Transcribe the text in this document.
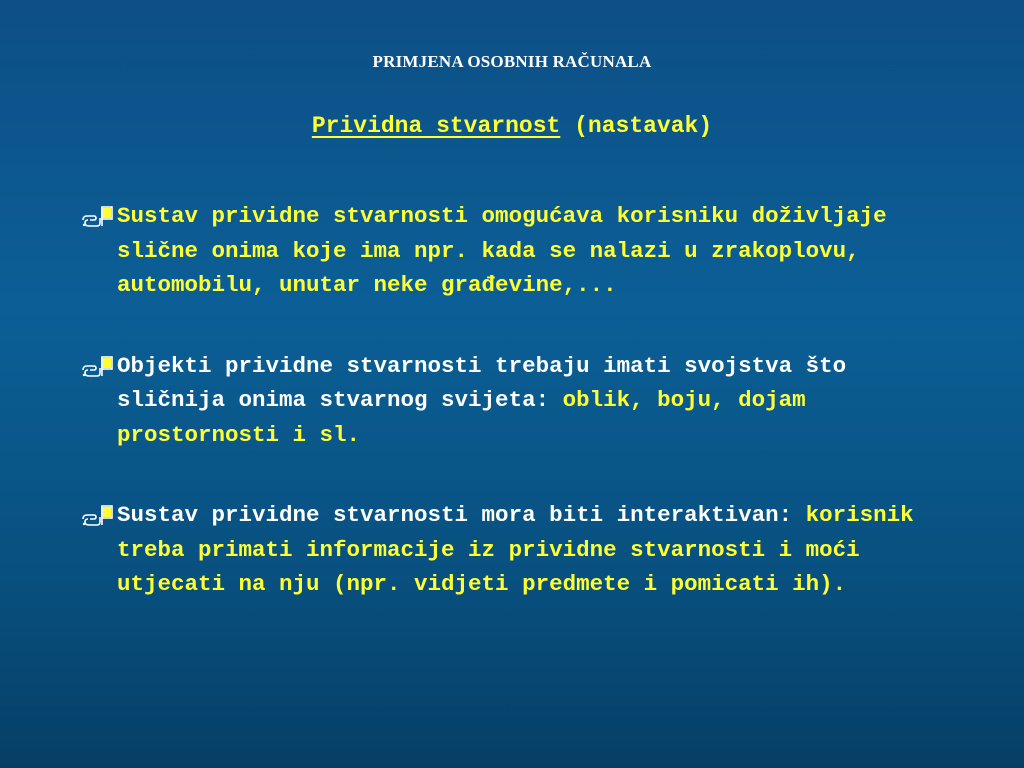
PRIMJENA OSOBNIH RAČUNALA
Prividna stvarnost (nastavak)
Sustav prividne stvarnosti omogućava korisniku doživljaje slične onima koje ima npr. kada se nalazi u zrakoplovu, automobilu, unutar neke građevine,...
Objekti prividne stvarnosti trebaju imati svojstva što sličnija onima stvarnog svijeta: oblik, boju, dojam prostornosti i sl.
Sustav prividne stvarnosti mora biti interaktivan: korisnik treba primati informacije iz prividne stvarnosti i moći utjecati na nju (npr. vidjeti predmete i pomicati ih).
